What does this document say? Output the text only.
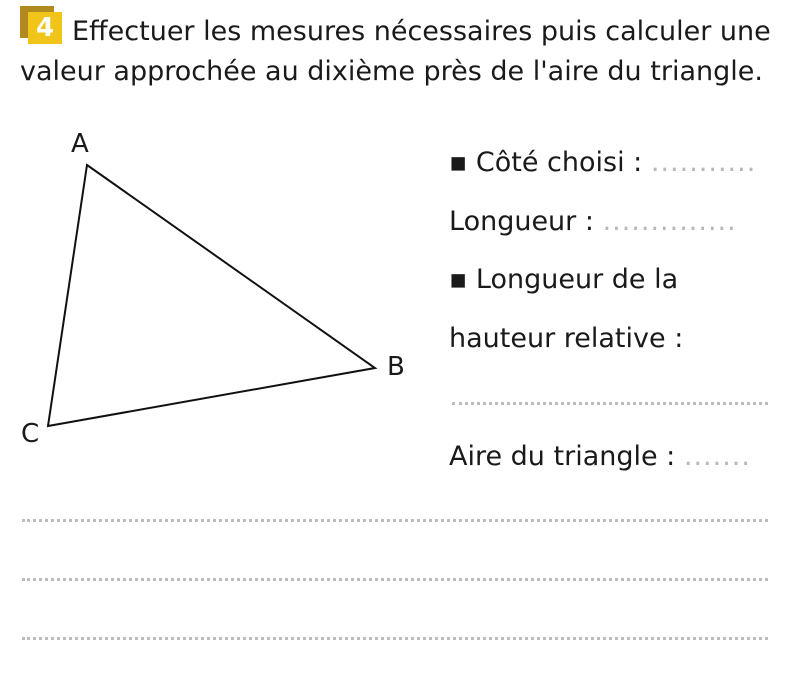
4 Effectuer les mesures nécessaires puis calculer une valeur approchée au dixième près de l'aire du triangle.
A
B
C
▪ Côté choisi : ...........
Longueur : ..............
▪ Longueur de la
hauteur relative :
Aire du triangle : .......
